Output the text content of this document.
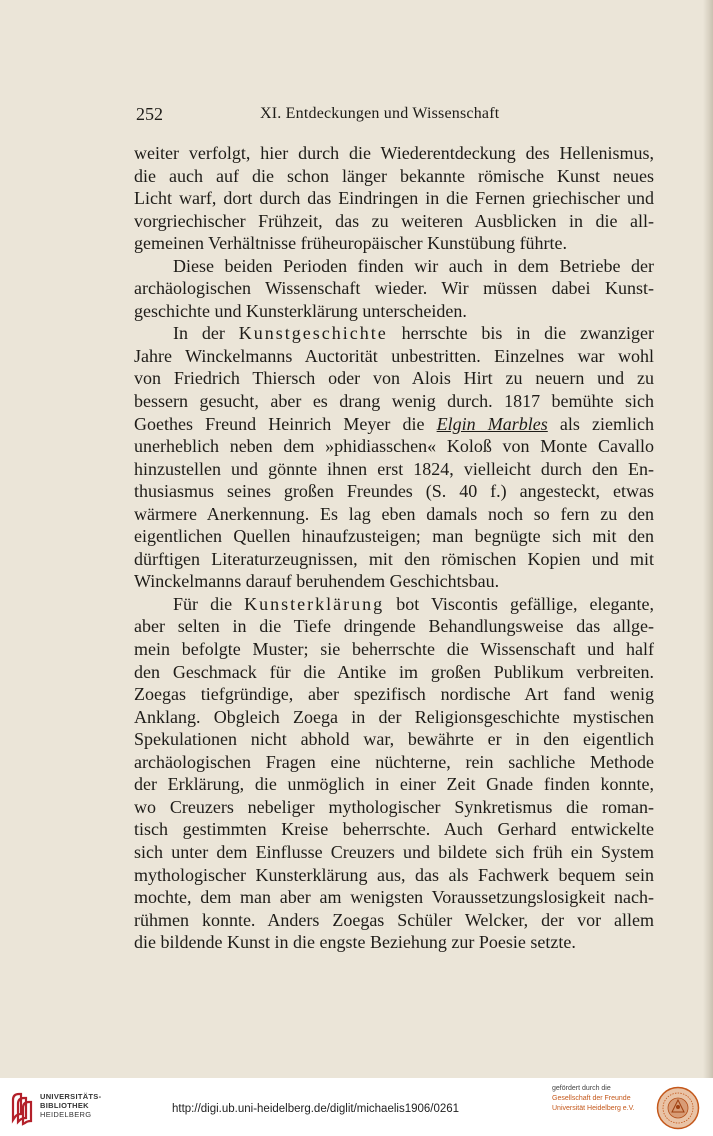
252	XI. Entdeckungen und Wissenschaft
weiter verfolgt, hier durch die Wiederentdeckung des Hellenismus,
die auch auf die schon länger bekannte römische Kunst neues
Licht warf, dort durch das Eindringen in die Fernen griechischer und
vorgriechischer Frühzeit, das zu weiteren Ausblicken in die all-
gemeinen Verhältnisse früheuropäischer Kunstübung führte.
Diese beiden Perioden finden wir auch in dem Betriebe der
archäologischen Wissenschaft wieder. Wir müssen dabei Kunst-
geschichte und Kunsterklärung unterscheiden.
In der Kunstgeschichte herrschte bis in die zwanziger
Jahre Winckelmanns Auctorität unbestritten. Einzelnes war wohl
von Friedrich Thiersch oder von Alois Hirt zu neuern und zu
bessern gesucht, aber es drang wenig durch. 1817 bemühte sich
Goethes Freund Heinrich Meyer die Elgin Marbles als ziemlich
unerheblich neben dem »phidiasschen« Koloß von Monte Cavallo
hinzustellen und gönnte ihnen erst 1824, vielleicht durch den En-
thusiasmus seines großen Freundes (S. 40 f.) angesteckt, etwas
wärmere Anerkennung. Es lag eben damals noch so fern zu den
eigentlichen Quellen hinaufzusteigen; man begnügte sich mit den
dürftigen Literaturzeugnissen, mit den römischen Kopien und mit
Winckelmanns darauf beruhendem Geschichtsbau.
Für die Kunsterklärung bot Viscontis gefällige, elegante,
aber selten in die Tiefe dringende Behandlungsweise das allge-
mein befolgte Muster; sie beherrschte die Wissenschaft und half
den Geschmack für die Antike im großen Publikum verbreiten.
Zoegas tiefgründige, aber spezifisch nordische Art fand wenig
Anklang. Obgleich Zoega in der Religionsgeschichte mystischen
Spekulationen nicht abhold war, bewährte er in den eigentlich
archäologischen Fragen eine nüchterne, rein sachliche Methode
der Erklärung, die unmöglich in einer Zeit Gnade finden konnte,
wo Creuzers nebeliger mythologischer Synkretismus die roman-
tisch gestimmten Kreise beherrschte. Auch Gerhard entwickelte
sich unter dem Einflusse Creuzers und bildete sich früh ein System
mythologischer Kunsterklärung aus, das als Fachwerk bequem sein
mochte, dem man aber am wenigsten Voraussetzungslosigkeit nach-
rühmen konnte. Anders Zoegas Schüler Welcker, der vor allem
die bildende Kunst in die engste Beziehung zur Poesie setzte.
UNIVERSITÄTS-
BIBLIOTHEK
HEIDELBERG	http://digi.ub.uni-heidelberg.de/diglit/michaelis1906/0261
gefördert durch die
Gesellschaft der Freunde
Universität Heidelberg e.V.
